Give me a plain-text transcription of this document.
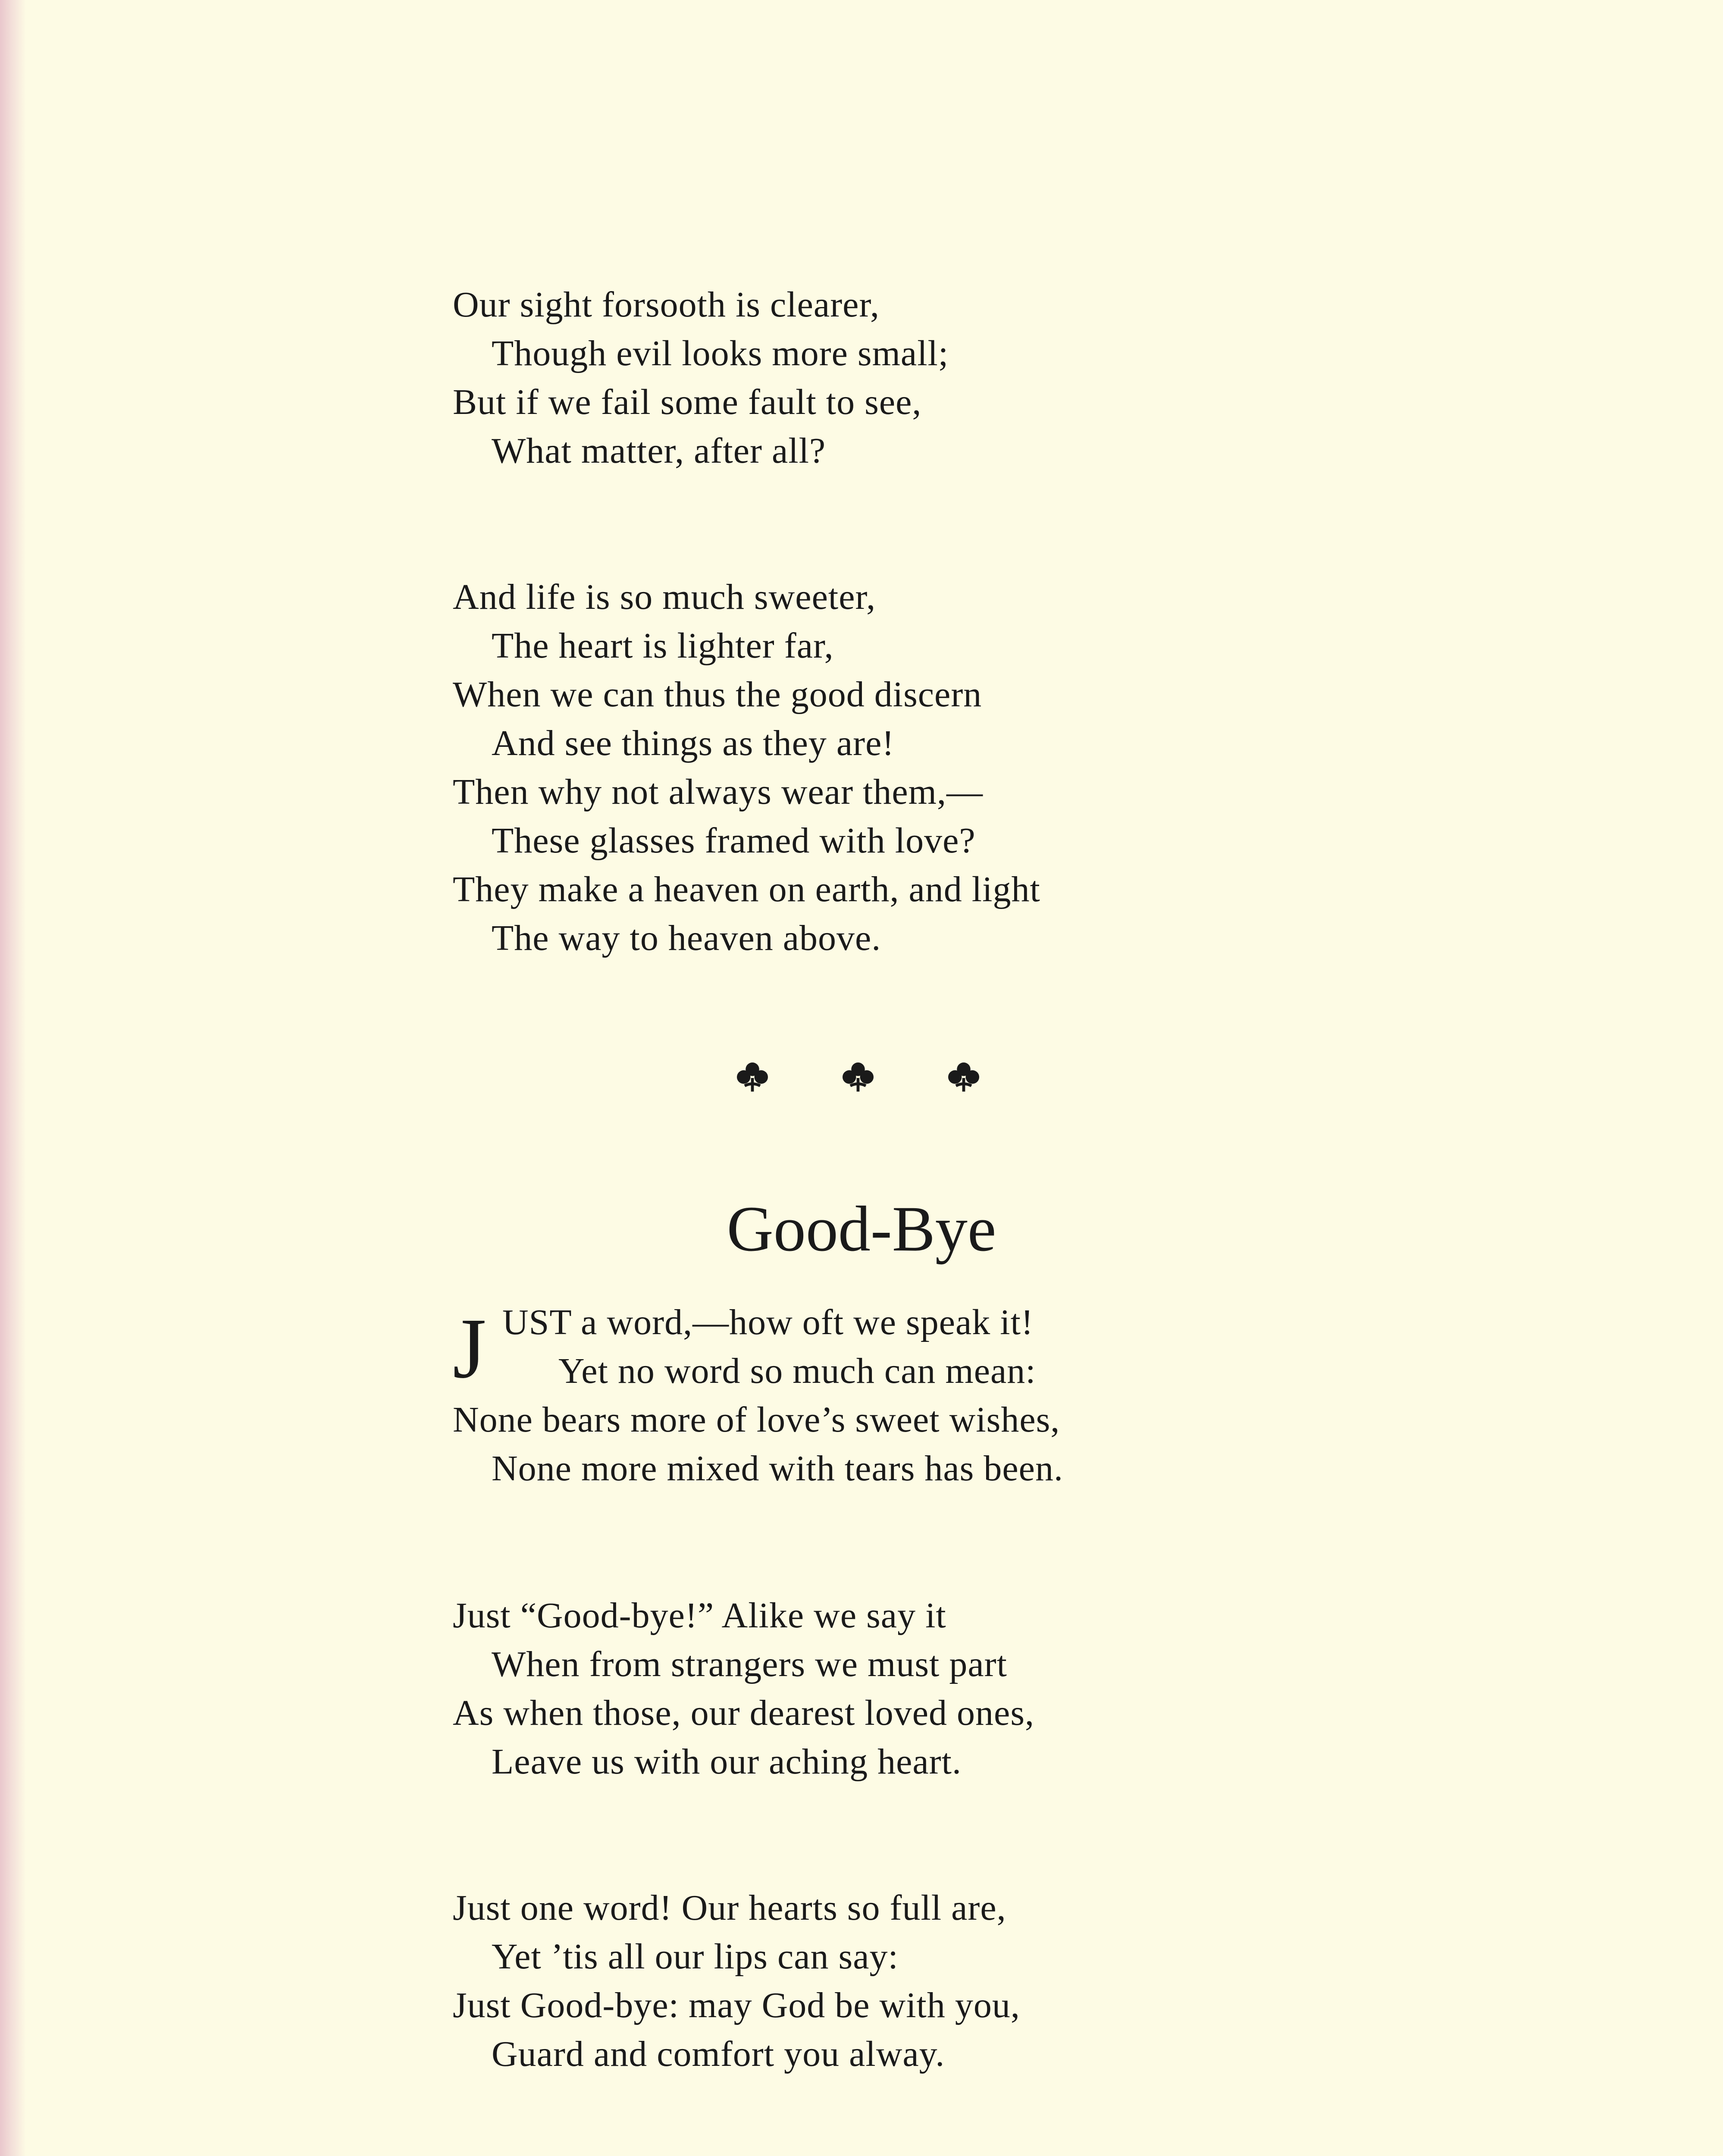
Our sight forsooth is clearer,
Though evil looks more small;
But if we fail some fault to see,
What matter, after all?
And life is so much sweeter,
The heart is lighter far,
When we can thus the good discern
And see things as they are!
Then why not always wear them,—
These glasses framed with love?
They make a heaven on earth, and light
The way to heaven above.
Good-Bye
J UST a word,—how oft we speak it!
Yet no word so much can mean:
None bears more of love’s sweet wishes,
None more mixed with tears has been.
Just “Good-bye!” Alike we say it
When from strangers we must part
As when those, our dearest loved ones,
Leave us with our aching heart.
Just one word! Our hearts so full are,
Yet ’tis all our lips can say:
Just Good-bye: may God be with you,
Guard and comfort you alway.
